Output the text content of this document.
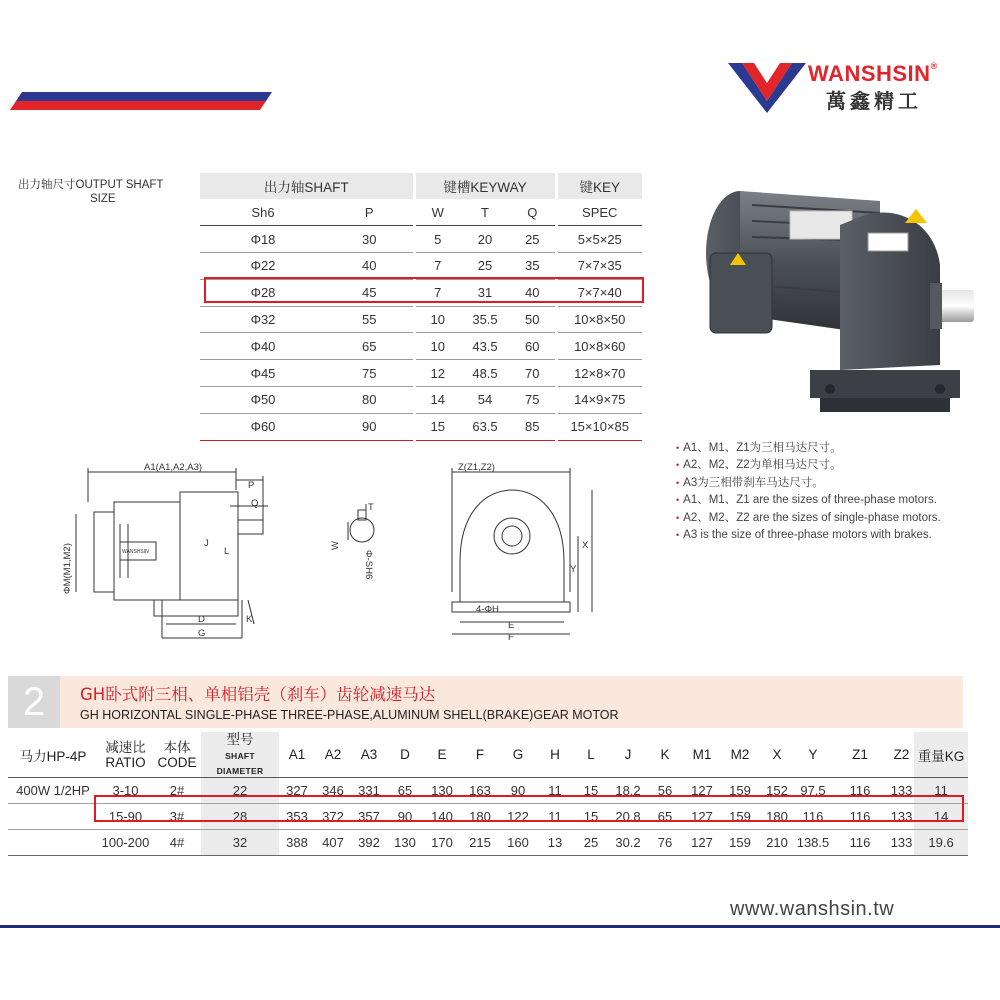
WANSHSIN®
萬鑫精工
出力轴尺寸OUTPUT SHAFT
SIZE
出力轴SHAFT		键槽KEYWAY			键KEY
Sh6	P	W	T	Q	SPEC
Φ18	30	5	20	25	5×5×25
Φ22	40	7	25	35	7×7×35
Φ28	45	7	31	40	7×7×40
Φ32	55	10	35.5	50	10×8×50
Φ40	65	10	43.5	60	10×8×60
Φ45	75	12	48.5	70	12×8×70
Φ50	80	14	54	75	14×9×75
Φ60	90	15	63.5	85	15×10×85
• A1、M1、Z1为三相马达尺寸。
• A2、M2、Z2为单相马达尺寸。
• A3为三相带刹车马达尺寸。
• A1、M1、Z1 are the sizes of three-phase motors.
• A2、M2、Z2 are the sizes of single-phase motors.
• A3 is the size of three-phase motors with brakes.
A1(A1,A2,A3)
P
Q
ΦM(M1,M2)	J
L
D
G
K
WANSHSIN
T
W
Φ-SH6
Z(Z1,Z2)
X
Y
4-ΦH
E
F
2	GH卧式附三相、单相铝壳（刹车）齿轮减速马达
GH HORIZONTAL SINGLE-PHASE THREE-PHASE,ALUMINUM SHELL(BRAKE)GEAR MOTOR
马力HP-4P	减速比
RATIO	本体
CODE	型号
SHAFT
DIAMETER	A1	A2	A3	D	E	F	G	H	L	J	K	M1	M2	X	Y	Z1	Z2	重量KG
400W 1/2HP	3-10	2#	22	327	346	331	65	130	163	90	11	15	18.2	56	127	159	152	97.5	116	133	11
	15-90	3#	28	353	372	357	90	140	180	122	11	15	20.8	65	127	159	180	116	116	133	14
	100-200	4#	32	388	407	392	130	170	215	160	13	25	30.2	76	127	159	210	138.5	116	133	19.6
www.wanshsin.tw
